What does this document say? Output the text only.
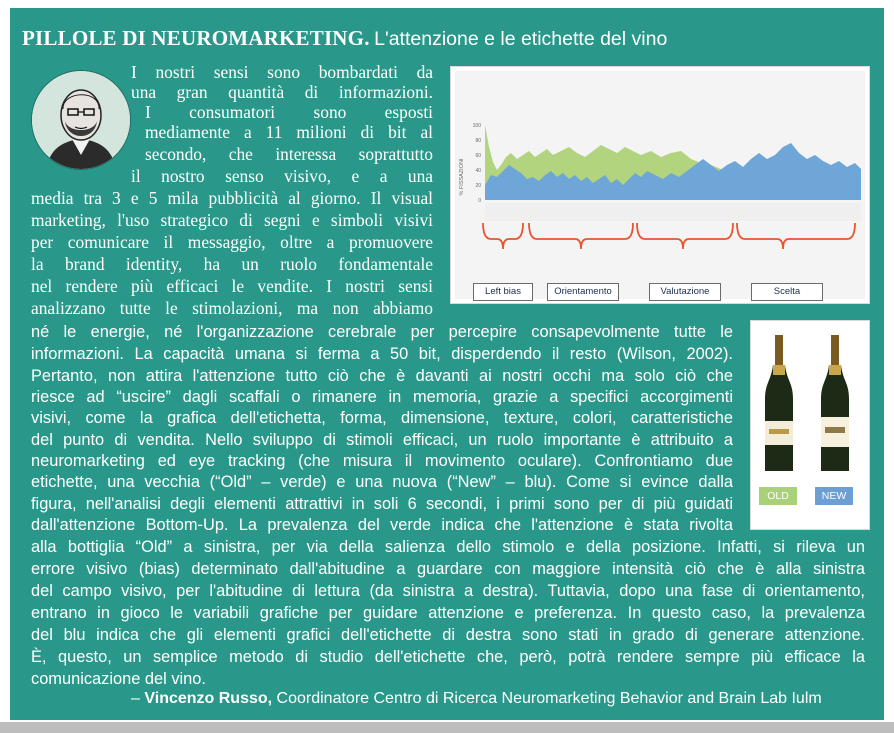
PILLOLE DI NEUROMARKETING. L'attenzione e le etichette del vino
% FISSAZIONI
100
80
60
40
20
0
Left bias	Orientamento	Valutazione	Scelta
OLD	NEW
I nostri sensi sono bombardati da
una gran quantità di informazioni.
I consumatori sono esposti
mediamente a 11 milioni di bit al
secondo, che interessa soprattutto
il nostro senso visivo, e a una
media tra 3 e 5 mila pubblicità al giorno. Il visual
marketing, l'uso strategico di segni e simboli visivi
per comunicare il messaggio, oltre a promuovere
la brand identity, ha un ruolo fondamentale
nel rendere più efficaci le vendite. I nostri sensi
analizzano tutte le stimolazioni, ma non abbiamo
né le energie, né l'organizzazione cerebrale per percepire consapevolmente tutte le
informazioni. La capacità umana si ferma a 50 bit, disperdendo il resto (Wilson, 2002).
Pertanto, non attira l'attenzione tutto ciò che è davanti ai nostri occhi ma solo ciò che
riesce ad “uscire” dagli scaffali o rimanere in memoria, grazie a specifici accorgimenti
visivi, come la grafica dell'etichetta, forma, dimensione, texture, colori, caratteristiche
del punto di vendita. Nello sviluppo di stimoli efficaci, un ruolo importante è attribuito a
neuromarketing ed eye tracking (che misura il movimento oculare). Confrontiamo due
etichette, una vecchia (“Old” – verde) e una nuova (“New” – blu). Come si evince dalla
figura, nell'analisi degli elementi attrattivi in soli 6 secondi, i primi sono per di più guidati
dall'attenzione Bottom-Up. La prevalenza del verde indica che l'attenzione è stata rivolta
alla bottiglia “Old” a sinistra, per via della salienza dello stimolo e della posizione. Infatti, si rileva un
errore visivo (bias) determinato dall'abitudine a guardare con maggiore intensità ciò che è alla sinistra
del campo visivo, per l'abitudine di lettura (da sinistra a destra). Tuttavia, dopo una fase di orientamento,
entrano in gioco le variabili grafiche per guidare attenzione e preferenza. In questo caso, la prevalenza
del blu indica che gli elementi grafici dell'etichette di destra sono stati in grado di generare attenzione.
È, questo, un semplice metodo di studio dell'etichette che, però, potrà rendere sempre più efficace la
comunicazione del vino.
– Vincenzo Russo, Coordinatore Centro di Ricerca Neuromarketing Behavior and Brain Lab Iulm
